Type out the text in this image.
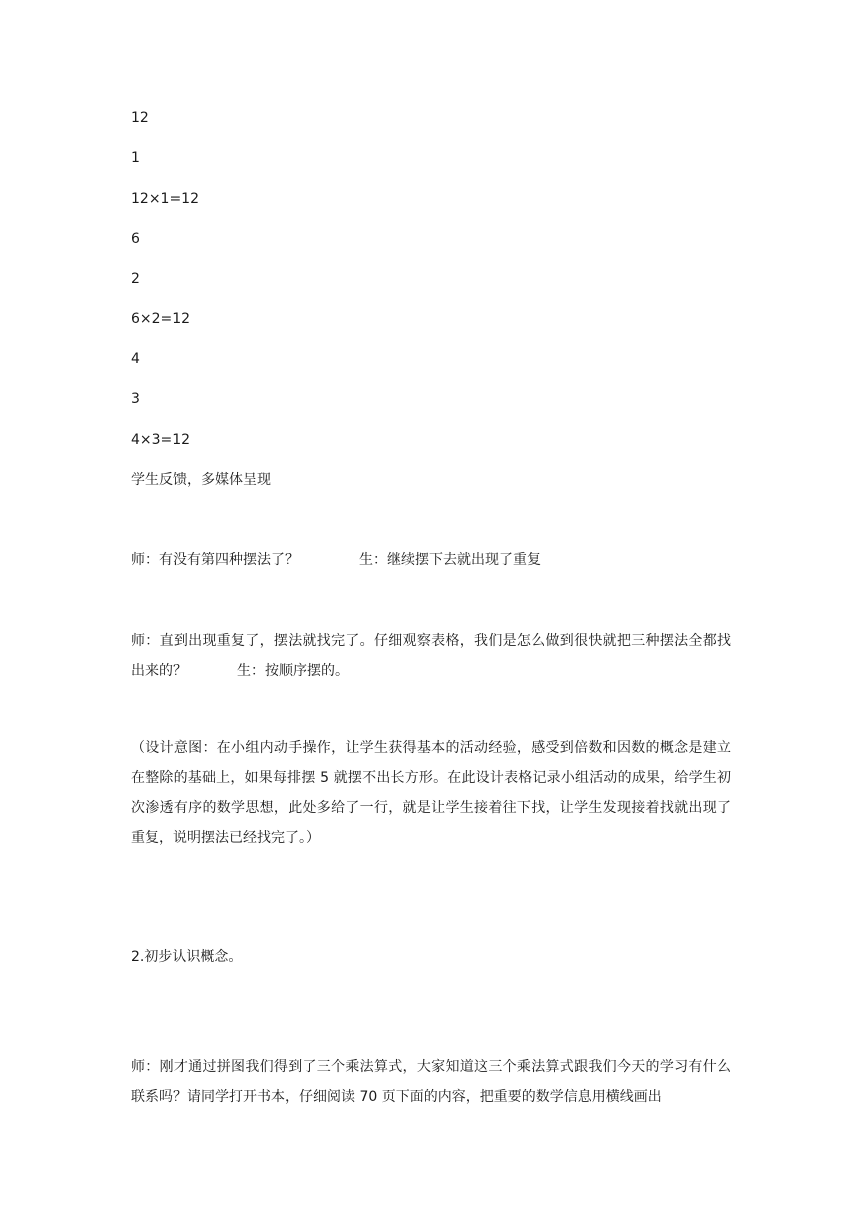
12
1
12×1=12
6
2
6×2=12
4
3
4×3=12
学生反馈，多媒体呈现
师：有没有第四种摆法了？	生：继续摆下去就出现了重复
师：直到出现重复了，摆法就找完了。仔细观察表格，我们是怎么做到很快就把三种摆法全都找出来的？	生：按顺序摆的。
（设计意图：在小组内动手操作，让学生获得基本的活动经验，感受到倍数和因数的概念是建立在整除的基础上，如果每排摆 5 就摆不出长方形。在此设计表格记录小组活动的成果，给学生初次渗透有序的数学思想，此处多给了一行，就是让学生接着往下找，让学生发现接着找就出现了重复，说明摆法已经找完了。）
2.初步认识概念。
师：刚才通过拼图我们得到了三个乘法算式，大家知道这三个乘法算式跟我们今天的学习有什么联系吗？请同学打开书本，仔细阅读 70 页下面的内容，把重要的数学信息用横线画出
